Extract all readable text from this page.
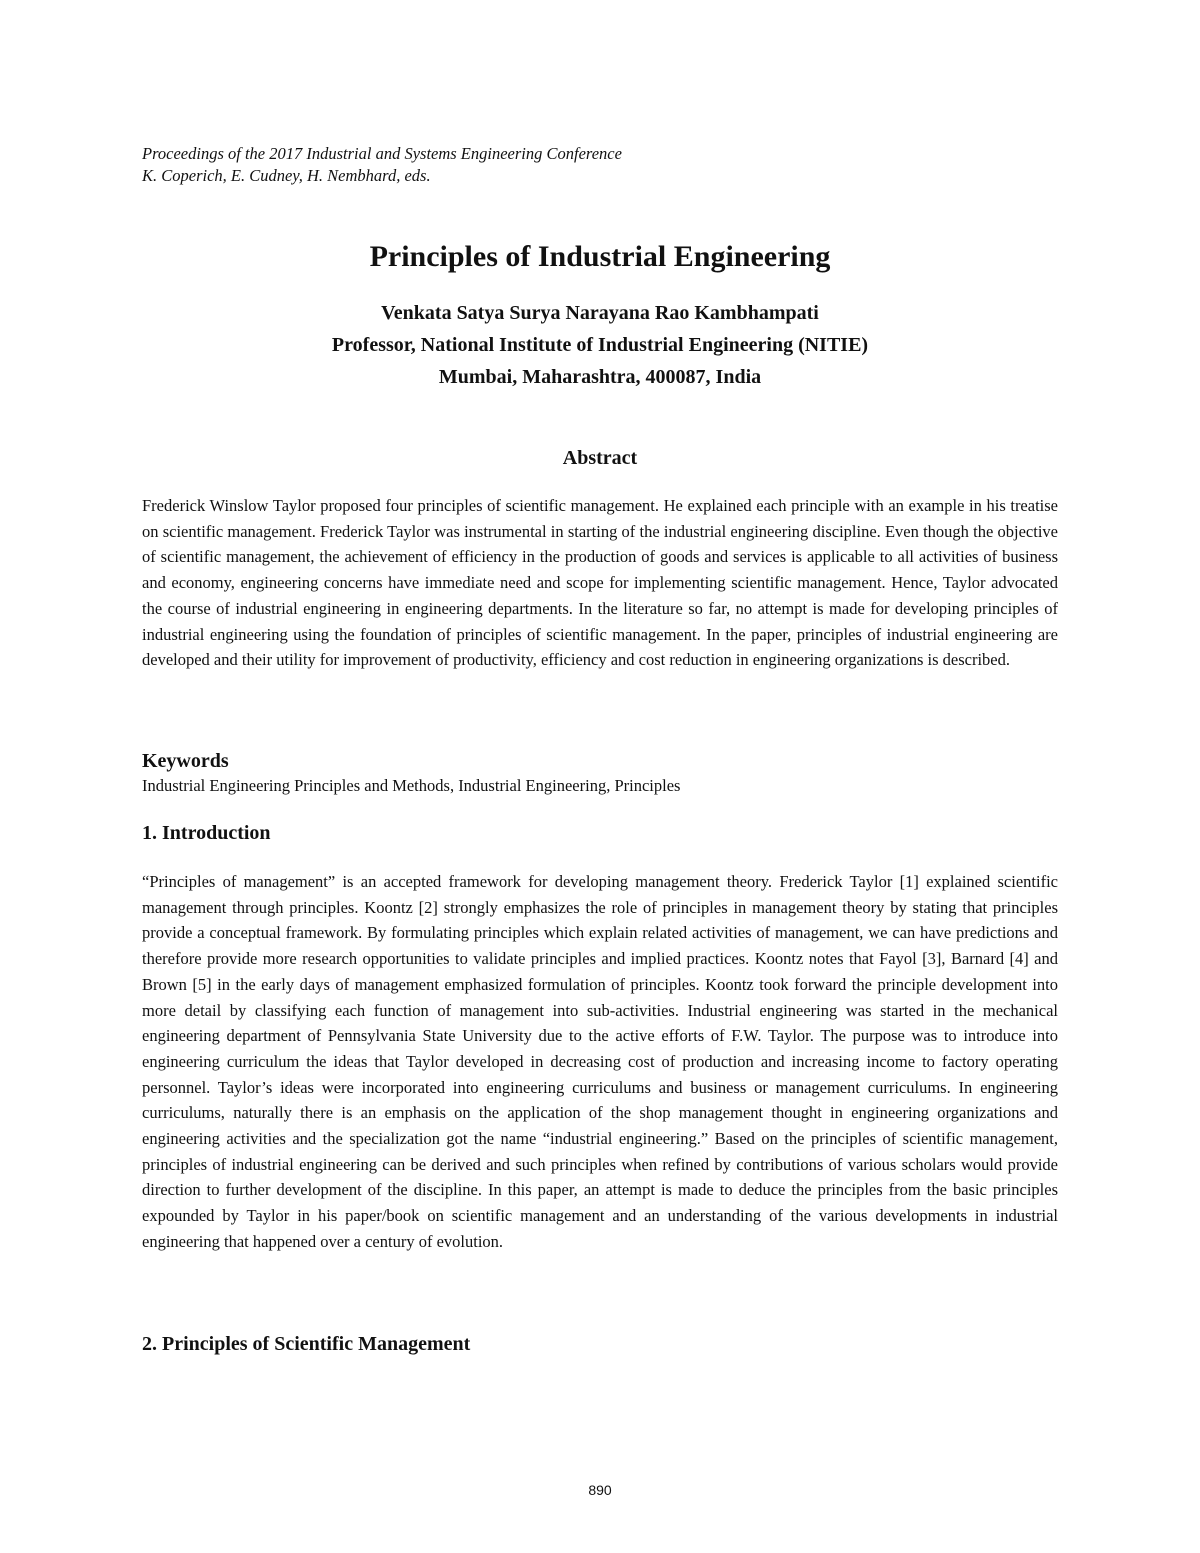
Proceedings of the 2017 Industrial and Systems Engineering Conference
K. Coperich, E. Cudney, H. Nembhard, eds.
Principles of Industrial Engineering
Venkata Satya Surya Narayana Rao Kambhampati
Professor, National Institute of Industrial Engineering (NITIE)
Mumbai, Maharashtra, 400087, India
Abstract
Frederick Winslow Taylor proposed four principles of scientific management. He explained each principle with an example in his treatise on scientific management. Frederick Taylor was instrumental in starting of the industrial engineering discipline. Even though the objective of scientific management, the achievement of efficiency in the production of goods and services is applicable to all activities of business and economy, engineering concerns have immediate need and scope for implementing scientific management. Hence, Taylor advocated the course of industrial engineering in engineering departments. In the literature so far, no attempt is made for developing principles of industrial engineering using the foundation of principles of scientific management. In the paper, principles of industrial engineering are developed and their utility for improvement of productivity, efficiency and cost reduction in engineering organizations is described.
Keywords
Industrial Engineering Principles and Methods, Industrial Engineering, Principles
1. Introduction
“Principles of management” is an accepted framework for developing management theory. Frederick Taylor [1] explained scientific management through principles. Koontz [2] strongly emphasizes the role of principles in management theory by stating that principles provide a conceptual framework. By formulating principles which explain related activities of management, we can have predictions and therefore provide more research opportunities to validate principles and implied practices. Koontz notes that Fayol [3], Barnard [4] and Brown [5] in the early days of management emphasized formulation of principles. Koontz took forward the principle development into more detail by classifying each function of management into sub-activities. Industrial engineering was started in the mechanical engineering department of Pennsylvania State University due to the active efforts of F.W. Taylor. The purpose was to introduce into engineering curriculum the ideas that Taylor developed in decreasing cost of production and increasing income to factory operating personnel. Taylor’s ideas were incorporated into engineering curriculums and business or management curriculums. In engineering curriculums, naturally there is an emphasis on the application of the shop management thought in engineering organizations and engineering activities and the specialization got the name “industrial engineering.” Based on the principles of scientific management, principles of industrial engineering can be derived and such principles when refined by contributions of various scholars would provide direction to further development of the discipline. In this paper, an attempt is made to deduce the principles from the basic principles expounded by Taylor in his paper/book on scientific management and an understanding of the various developments in industrial engineering that happened over a century of evolution.
2. Principles of Scientific Management
890
